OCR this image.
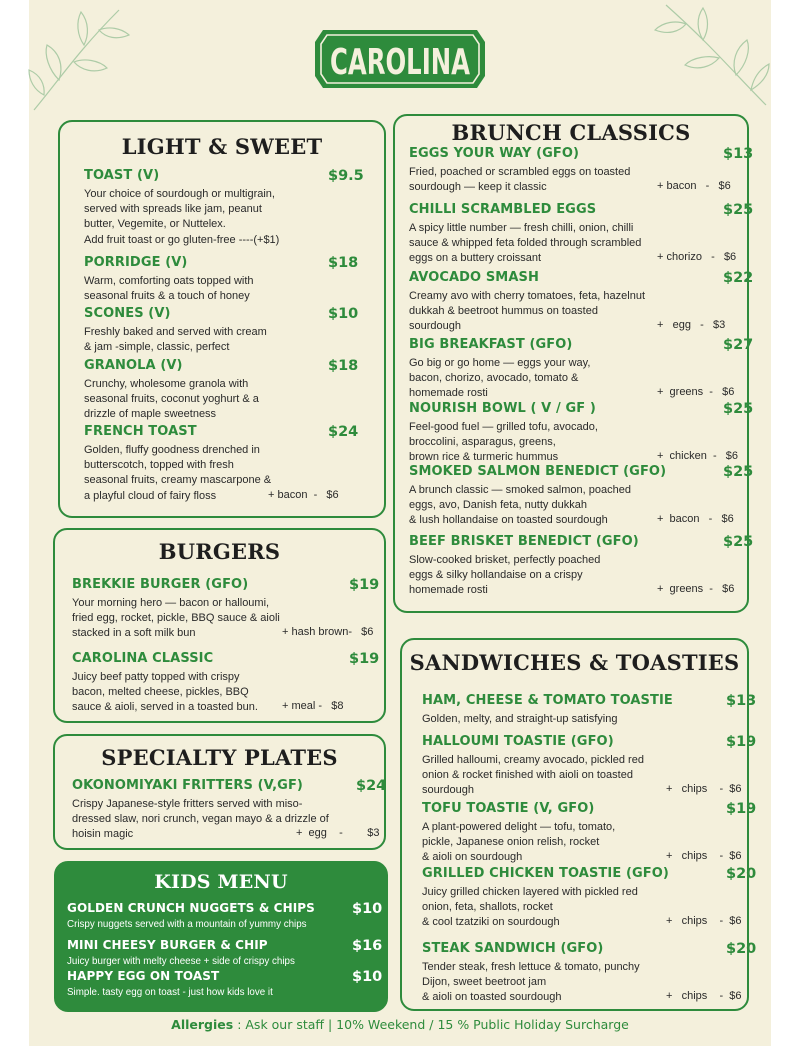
CAROLINA
LIGHT & SWEET
TOAST (V)	$9.5
Your choice of sourdough or multigrain,
served with spreads like jam, peanut
butter, Vegemite, or Nuttelex.
Add fruit toast or go gluten-free ----(+$1)
PORRIDGE (V)	$18
Warm, comforting oats topped with
seasonal fruits & a touch of honey
SCONES (V)	$10
Freshly baked and served with cream
& jam -simple, classic, perfect
GRANOLA (V)	$18
Crunchy, wholesome granola with
seasonal fruits, coconut yoghurt & a
drizzle of maple sweetness
FRENCH TOAST	$24
Golden, fluffy goodness drenched in
butterscotch, topped with fresh
seasonal fruits, creamy mascarpone &
a playful cloud of fairy floss	+ bacon  -   $6
BURGERS
BREKKIE BURGER (GFO)	$19
Your morning hero — bacon or halloumi,
fried egg, rocket, pickle, BBQ sauce & aioli
stacked in a soft milk bun	+ hash brown-   $6
CAROLINA CLASSIC	$19
Juicy beef patty topped with crispy
bacon, melted cheese, pickles, BBQ
sauce & aioli, served in a toasted bun. + meal -   $8
SPECIALTY PLATES
OKONOMIYAKI FRITTERS (V,GF)	$24
Crispy Japanese-style fritters served with miso-
dressed slaw, nori crunch, vegan mayo & a drizzle of
hoisin magic	+  egg    -        $3
KIDS MENU
GOLDEN CRUNCH NUGGETS & CHIPS	$10
Crispy nuggets served with a mountain of yummy chips
MINI CHEESY BURGER & CHIP	$16
Juicy burger with melty cheese + side of crispy chips
HAPPY EGG ON TOAST	$10
Simple. tasty egg on toast - just how kids love it
BRUNCH CLASSICS
EGGS YOUR WAY (GFO)	$13
Fried, poached or scrambled eggs on toasted
sourdough — keep it classic	+ bacon   -   $6
CHILLI SCRAMBLED EGGS	$25
A spicy little number — fresh chilli, onion, chilli
sauce & whipped feta folded through scrambled
eggs on a buttery croissant	+ chorizo   -   $6
AVOCADO SMASH	$22
Creamy avo with cherry tomatoes, feta, hazelnut
dukkah & beetroot hummus on toasted
sourdough	+   egg   -   $3
BIG BREAKFAST (GFO)	$27
Go big or go home — eggs your way,
bacon, chorizo, avocado, tomato &
homemade rosti	+  greens  -   $6
NOURISH BOWL ( V / GF )	$25
Feel-good fuel — grilled tofu, avocado,
broccolini, asparagus, greens,
brown rice & turmeric hummus	+  chicken  -   $6
SMOKED SALMON BENEDICT (GFO)	$25
A brunch classic — smoked salmon, poached
eggs, avo, Danish feta, nutty dukkah
& lush hollandaise on toasted sourdough	+  bacon   -   $6
BEEF BRISKET BENEDICT (GFO)	$25
Slow-cooked brisket, perfectly poached
eggs & silky hollandaise on a crispy
homemade rosti	+  greens  -   $6
SANDWICHES & TOASTIES
HAM, CHEESE & TOMATO TOASTIE	$13
Golden, melty, and straight-up satisfying
HALLOUMI TOASTIE (GFO)	$19
Grilled halloumi, creamy avocado, pickled red
onion & rocket finished with aioli on toasted
sourdough	+   chips    -  $6
TOFU TOASTIE (V, GFO)	$19
A plant-powered delight — tofu, tomato,
pickle, Japanese onion relish, rocket
& aioli on sourdough	+   chips    -  $6
GRILLED CHICKEN TOASTIE (GFO)	$20
Juicy grilled chicken layered with pickled red
onion, feta, shallots, rocket
& cool tzatziki on sourdough	+   chips    -  $6
STEAK SANDWICH (GFO)	$20
Tender steak, fresh lettuce & tomato, punchy
Dijon, sweet beetroot jam
& aioli on toasted sourdough	+   chips    -  $6
Allergies : Ask our staff | 10% Weekend / 15 % Public Holiday Surcharge
